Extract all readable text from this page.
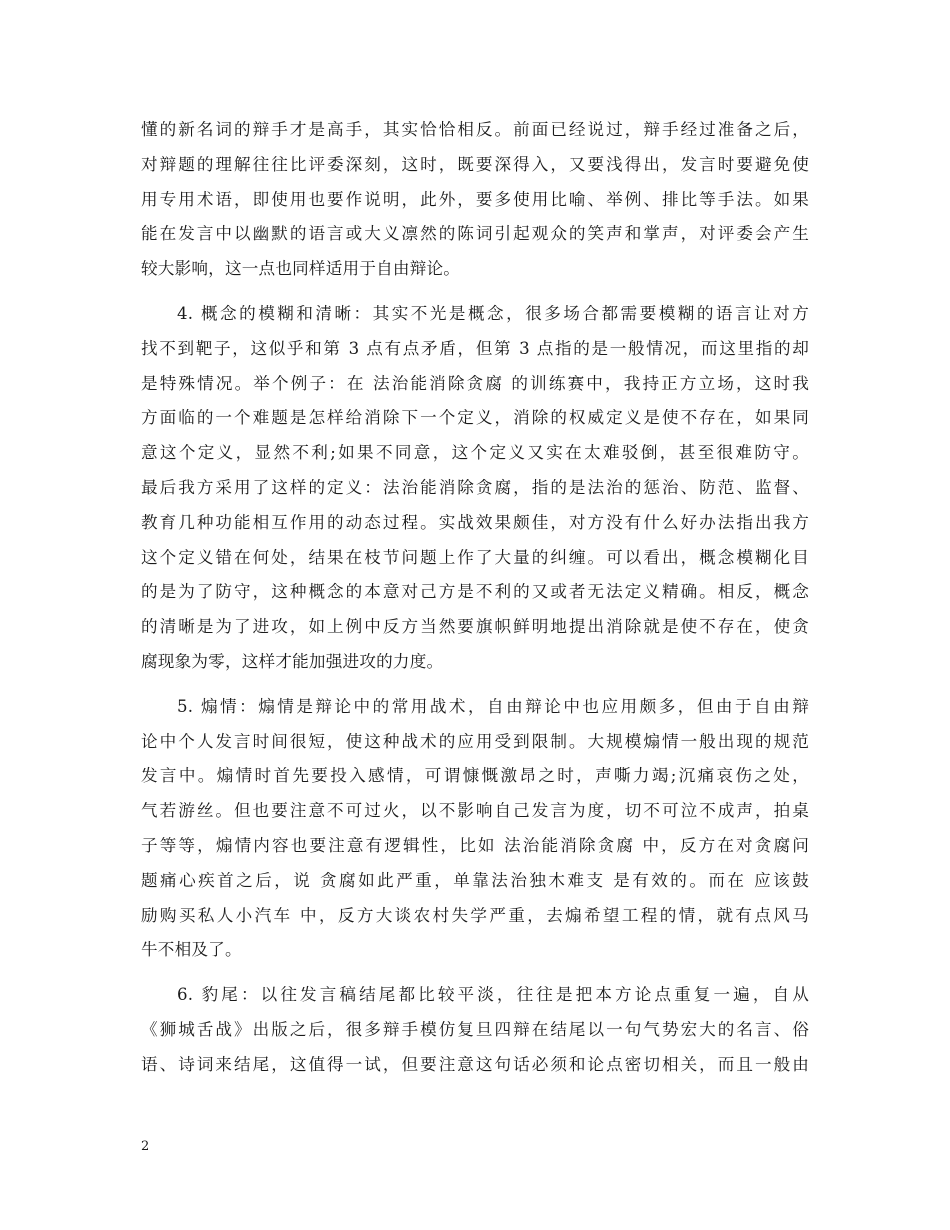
懂的新名词的辩手才是高手，其实恰恰相反。前面已经说过，辩手经过准备之后，
对辩题的理解往往比评委深刻，这时，既要深得入，又要浅得出，发言时要避免使
用专用术语，即使用也要作说明，此外，要多使用比喻、举例、排比等手法。如果
能在发言中以幽默的语言或大义凛然的陈词引起观众的笑声和掌声，对评委会产生
较大影响，这一点也同样适用于自由辩论。
4. 概念的模糊和清晰：其实不光是概念，很多场合都需要模糊的语言让对方
找不到靶子，这似乎和第 3 点有点矛盾，但第 3 点指的是一般情况，而这里指的却
是特殊情况。举个例子：在 法治能消除贪腐 的训练赛中，我持正方立场，这时我
方面临的一个难题是怎样给消除下一个定义，消除的权威定义是使不存在，如果同
意这个定义，显然不利;如果不同意，这个定义又实在太难驳倒，甚至很难防守。
最后我方采用了这样的定义：法治能消除贪腐，指的是法治的惩治、防范、监督、
教育几种功能相互作用的动态过程。实战效果颇佳，对方没有什么好办法指出我方
这个定义错在何处，结果在枝节问题上作了大量的纠缠。可以看出，概念模糊化目
的是为了防守，这种概念的本意对己方是不利的又或者无法定义精确。相反，概念
的清晰是为了进攻，如上例中反方当然要旗帜鲜明地提出消除就是使不存在，使贪
腐现象为零，这样才能加强进攻的力度。
5. 煽情：煽情是辩论中的常用战术，自由辩论中也应用颇多，但由于自由辩
论中个人发言时间很短，使这种战术的应用受到限制。大规模煽情一般出现的规范
发言中。煽情时首先要投入感情，可谓慷慨激昂之时，声嘶力竭;沉痛哀伤之处，
气若游丝。但也要注意不可过火，以不影响自己发言为度，切不可泣不成声，拍桌
子等等，煽情内容也要注意有逻辑性，比如 法治能消除贪腐 中，反方在对贪腐问
题痛心疾首之后，说 贪腐如此严重，单靠法治独木难支 是有效的。而在 应该鼓
励购买私人小汽车 中，反方大谈农村失学严重，去煽希望工程的情，就有点风马
牛不相及了。
6. 豹尾：以往发言稿结尾都比较平淡，往往是把本方论点重复一遍，自从
《狮城舌战》出版之后，很多辩手模仿复旦四辩在结尾以一句气势宏大的名言、俗
语、诗词来结尾，这值得一试，但要注意这句话必须和论点密切相关，而且一般由
2
